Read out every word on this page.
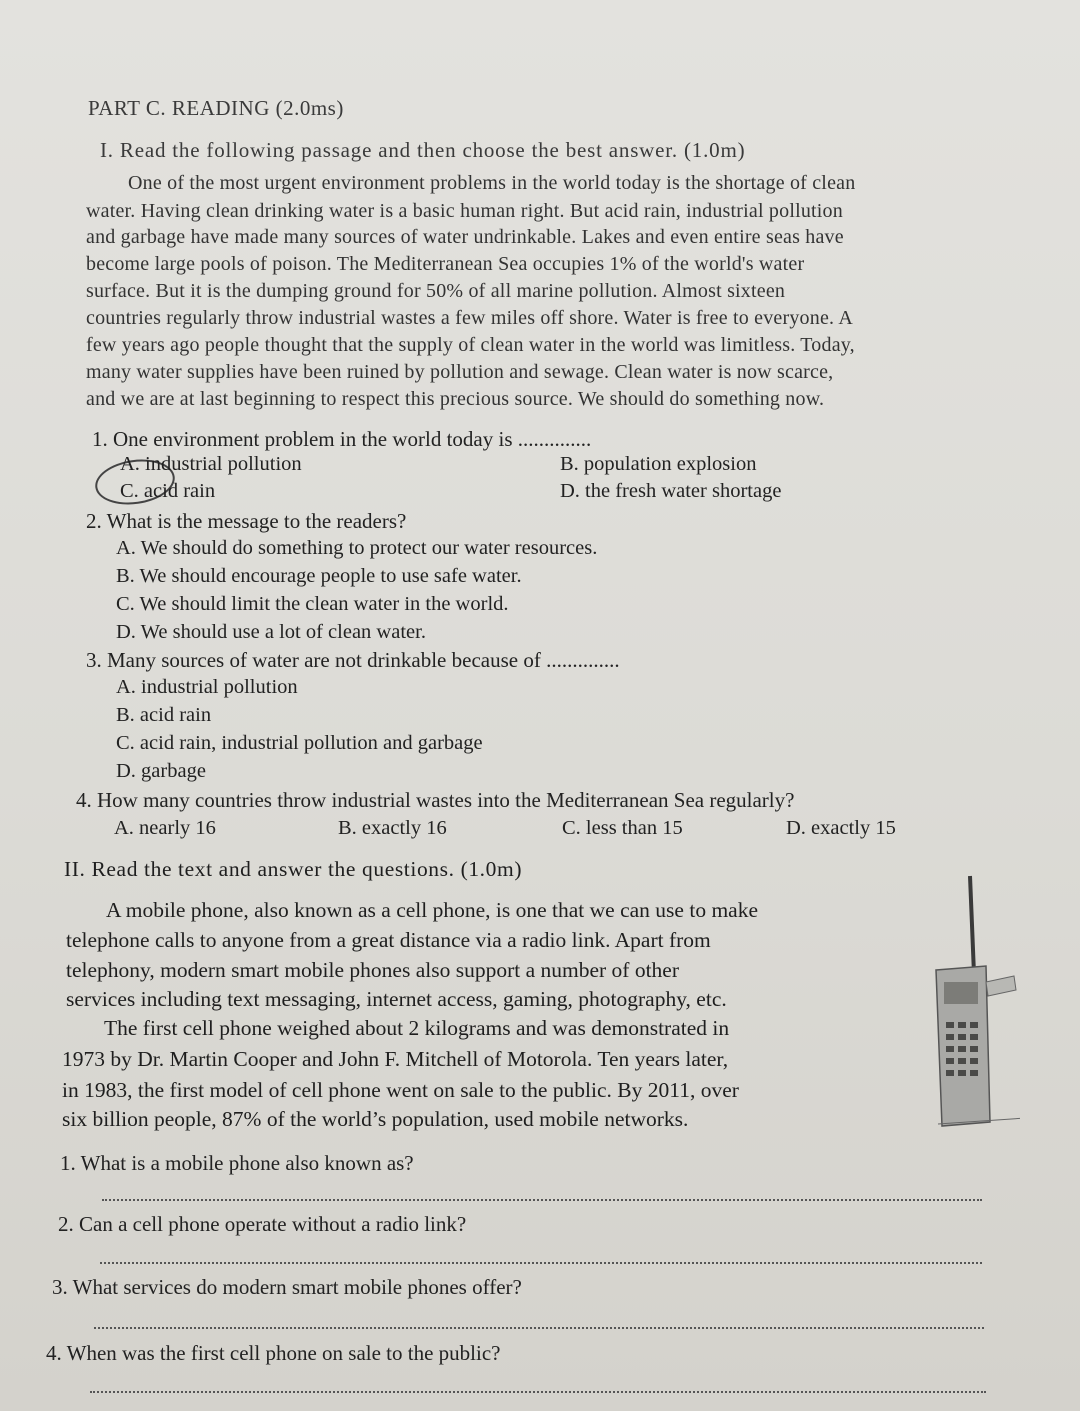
PART C. READING (2.0ms)
I. Read the following passage and then choose the best answer. (1.0m)
One of the most urgent environment problems in the world today is the shortage of clean
water. Having clean drinking water is a basic human right. But acid rain, industrial pollution
and garbage have made many sources of water undrinkable. Lakes and even entire seas have
become large pools of poison. The Mediterranean Sea occupies 1% of the world's water
surface. But it is the dumping ground for 50% of all marine pollution. Almost sixteen
countries regularly throw industrial wastes a few miles off shore. Water is free to everyone. A
few years ago people thought that the supply of clean water in the world was limitless. Today,
many water supplies have been ruined by pollution and sewage. Clean water is now scarce,
and we are at last beginning to respect this precious source. We should do something now.
1. One environment problem in the world today is ..............
A. industrial pollution	B. population explosion
C. acid rain	D. the fresh water shortage
2. What is the message to the readers?
A. We should do something to protect our water resources.
B. We should encourage people to use safe water.
C. We should limit the clean water in the world.
D. We should use a lot of clean water.
3. Many sources of water are not drinkable because of ..............
A. industrial pollution
B. acid rain
C. acid rain, industrial pollution and garbage
D. garbage
4. How many countries throw industrial wastes into the Mediterranean Sea regularly?
A. nearly 16	B. exactly 16	C. less than 15	D. exactly 15
II. Read the text and answer the questions. (1.0m)
A mobile phone, also known as a cell phone, is one that we can use to make
telephone calls to anyone from a great distance via a radio link. Apart from
telephony, modern smart mobile phones also support a number of other
services including text messaging, internet access, gaming, photography, etc.
The first cell phone weighed about 2 kilograms and was demonstrated in
1973 by Dr. Martin Cooper and John F. Mitchell of Motorola. Ten years later,
in 1983, the first model of cell phone went on sale to the public. By 2011, over
six billion people, 87% of the world’s population, used mobile networks.
1. What is a mobile phone also known as?
2. Can a cell phone operate without a radio link?
3. What services do modern smart mobile phones offer?
4. When was the first cell phone on sale to the public?
